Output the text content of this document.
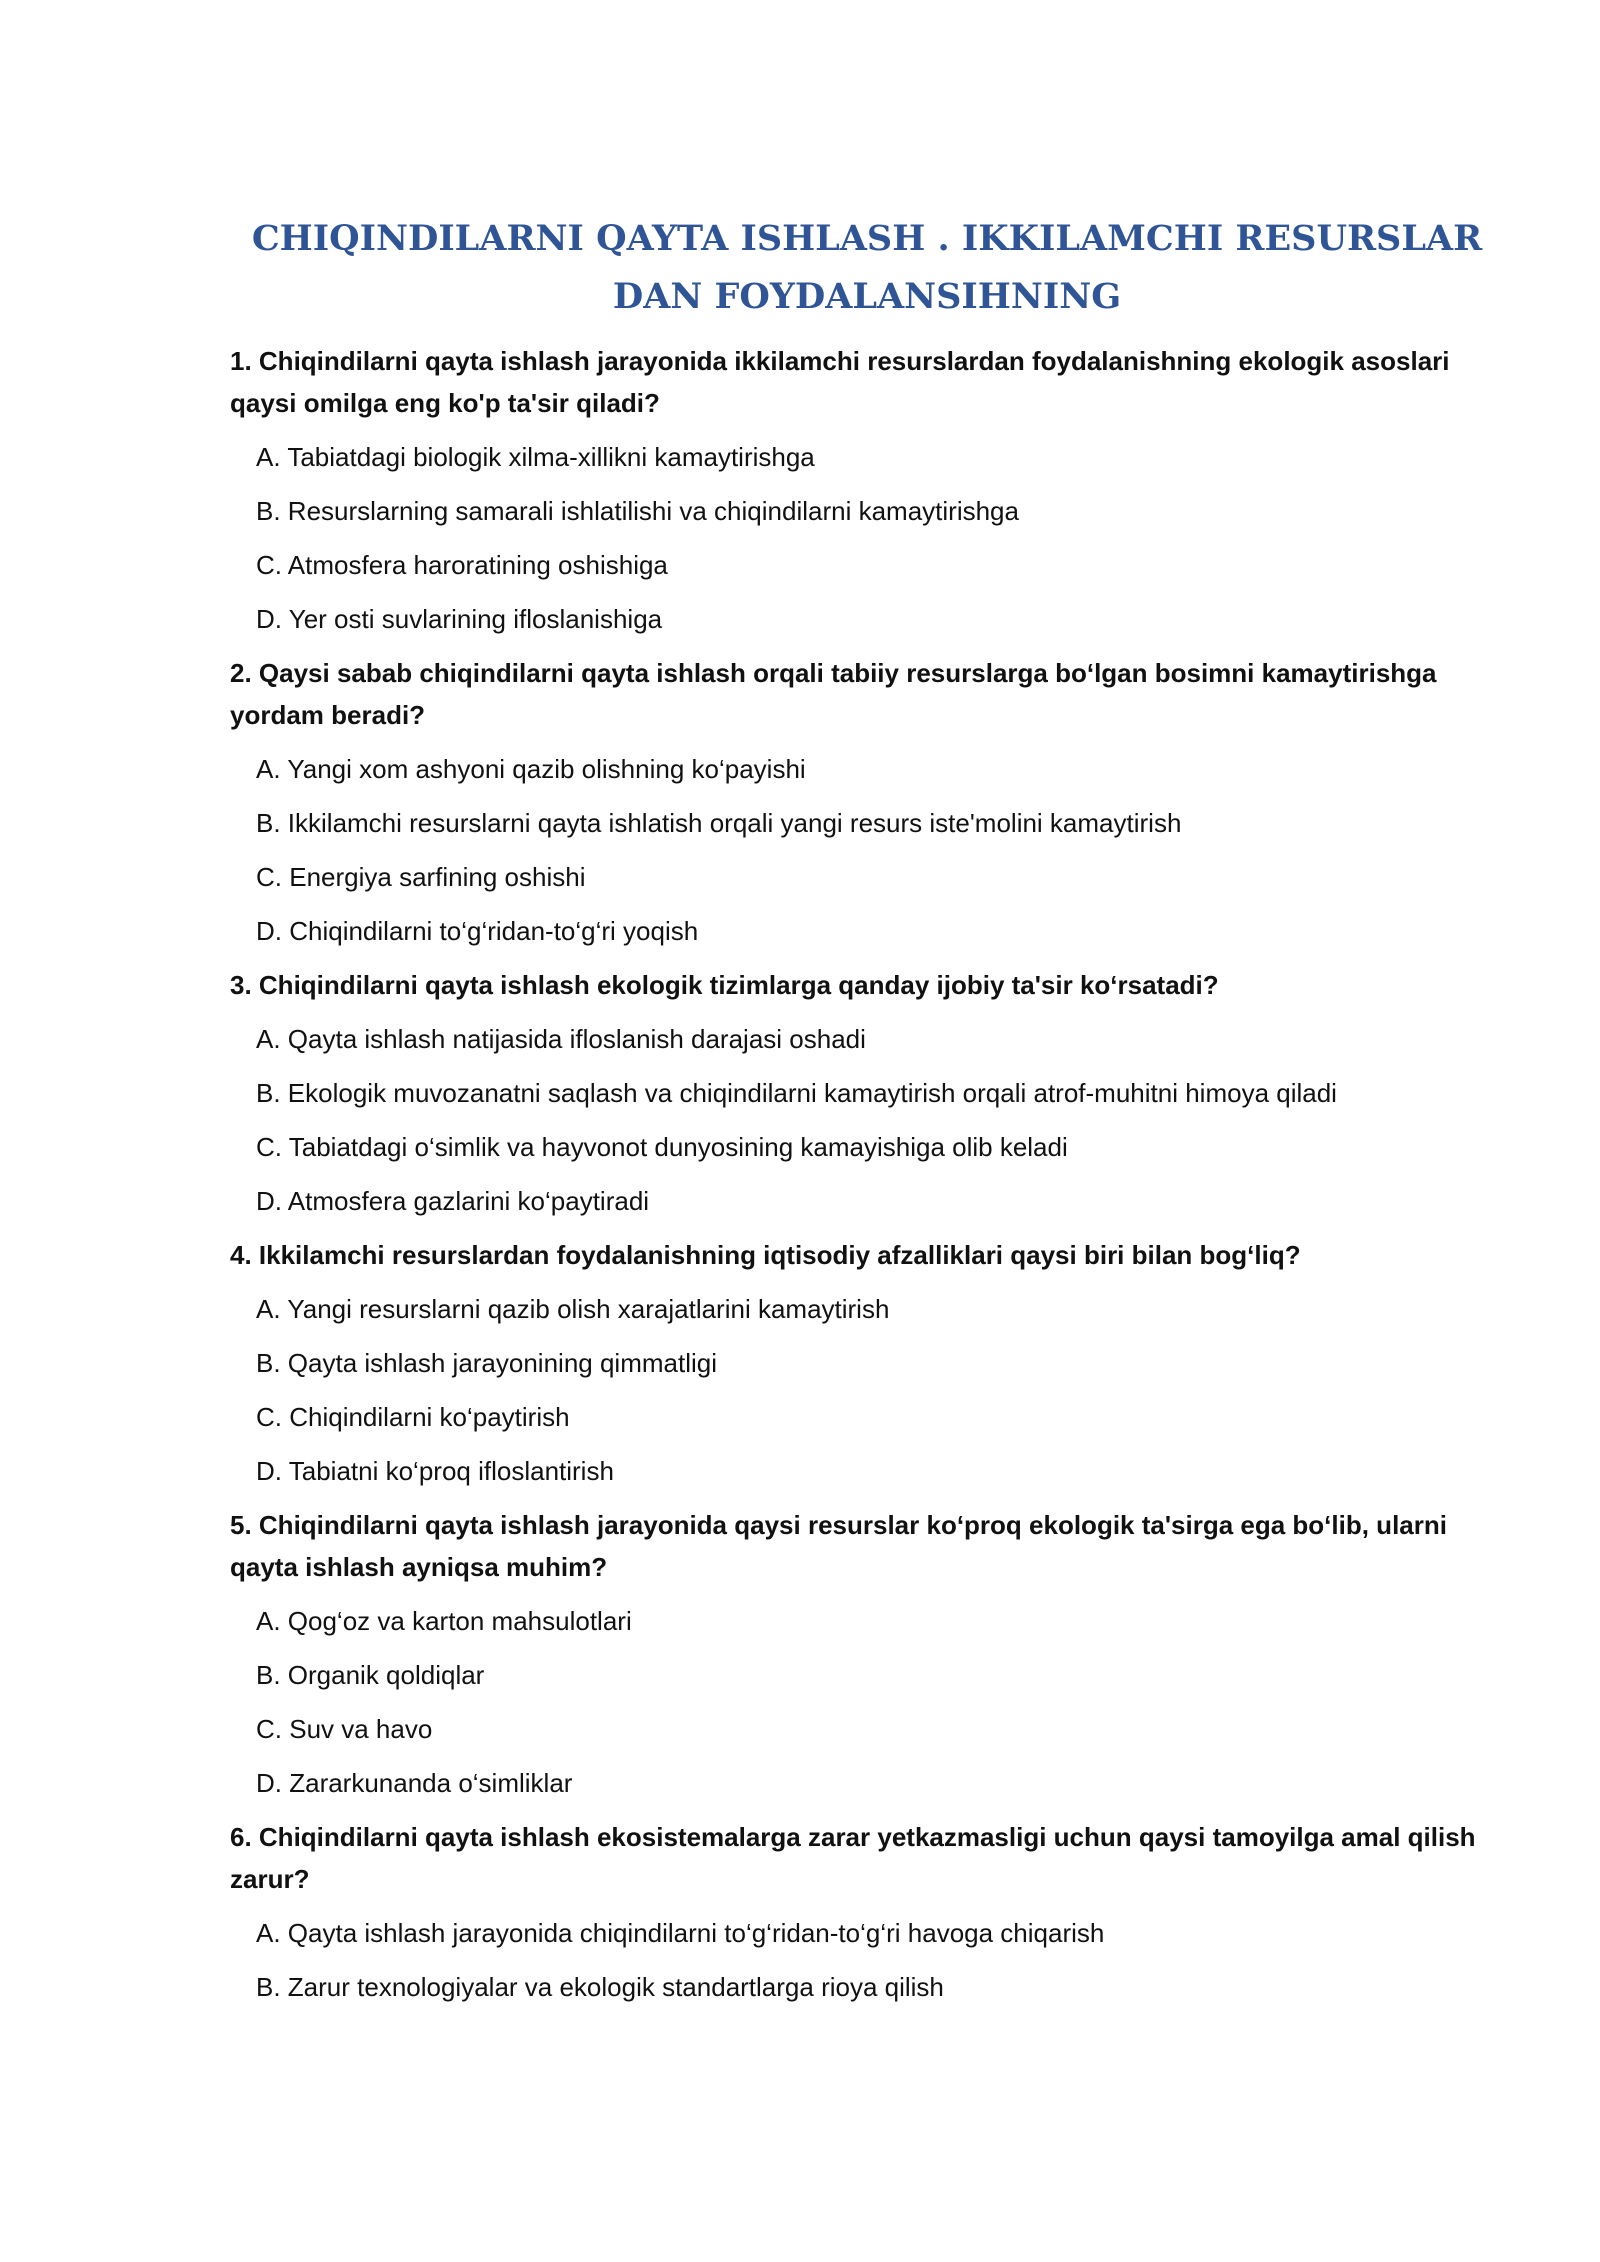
CHIQINDILARNI QAYTA ISHLASH . IKKILAMCHI RESURSLAR DAN FOYDALANSIHNING

1. Chiqindilarni qayta ishlash jarayonida ikkilamchi resurslardan foydalanishning ekologik asoslari qaysi omilga eng ko'p ta'sir qiladi?

A. Tabiatdagi biologik xilma-xillikni kamaytirishga
B. Resurslarning samarali ishlatilishi va chiqindilarni kamaytirishga
C. Atmosfera haroratining oshishiga
D. Yer osti suvlarining ifloslanishiga

2. Qaysi sabab chiqindilarni qayta ishlash orqali tabiiy resurslarga bo‘lgan bosimni kamaytirishga yordam beradi?

A. Yangi xom ashyoni qazib olishning ko‘payishi
B. Ikkilamchi resurslarni qayta ishlatish orqali yangi resurs iste'molini kamaytirish
C. Energiya sarfining oshishi
D. Chiqindilarni to‘g‘ridan-to‘g‘ri yoqish

3. Chiqindilarni qayta ishlash ekologik tizimlarga qanday ijobiy ta'sir ko‘rsatadi?

A. Qayta ishlash natijasida ifloslanish darajasi oshadi
B. Ekologik muvozanatni saqlash va chiqindilarni kamaytirish orqali atrof-muhitni himoya qiladi
C. Tabiatdagi o‘simlik va hayvonot dunyosining kamayishiga olib keladi
D. Atmosfera gazlarini ko‘paytiradi

4. Ikkilamchi resurslardan foydalanishning iqtisodiy afzalliklari qaysi biri bilan bog‘liq?

A. Yangi resurslarni qazib olish xarajatlarini kamaytirish
B. Qayta ishlash jarayonining qimmatligi
C. Chiqindilarni ko‘paytirish
D. Tabiatni ko‘proq ifloslantirish

5. Chiqindilarni qayta ishlash jarayonida qaysi resurslar ko‘proq ekologik ta'sirga ega bo‘lib, ularni qayta ishlash ayniqsa muhim?

A. Qog‘oz va karton mahsulotlari
B. Organik qoldiqlar
C. Suv va havo
D. Zararkunanda o‘simliklar

6. Chiqindilarni qayta ishlash ekosistemalarga zarar yetkazmasligi uchun qaysi tamoyilga amal qilish zarur?

A. Qayta ishlash jarayonida chiqindilarni to‘g‘ridan-to‘g‘ri havoga chiqarish
B. Zarur texnologiyalar va ekologik standartlarga rioya qilish
